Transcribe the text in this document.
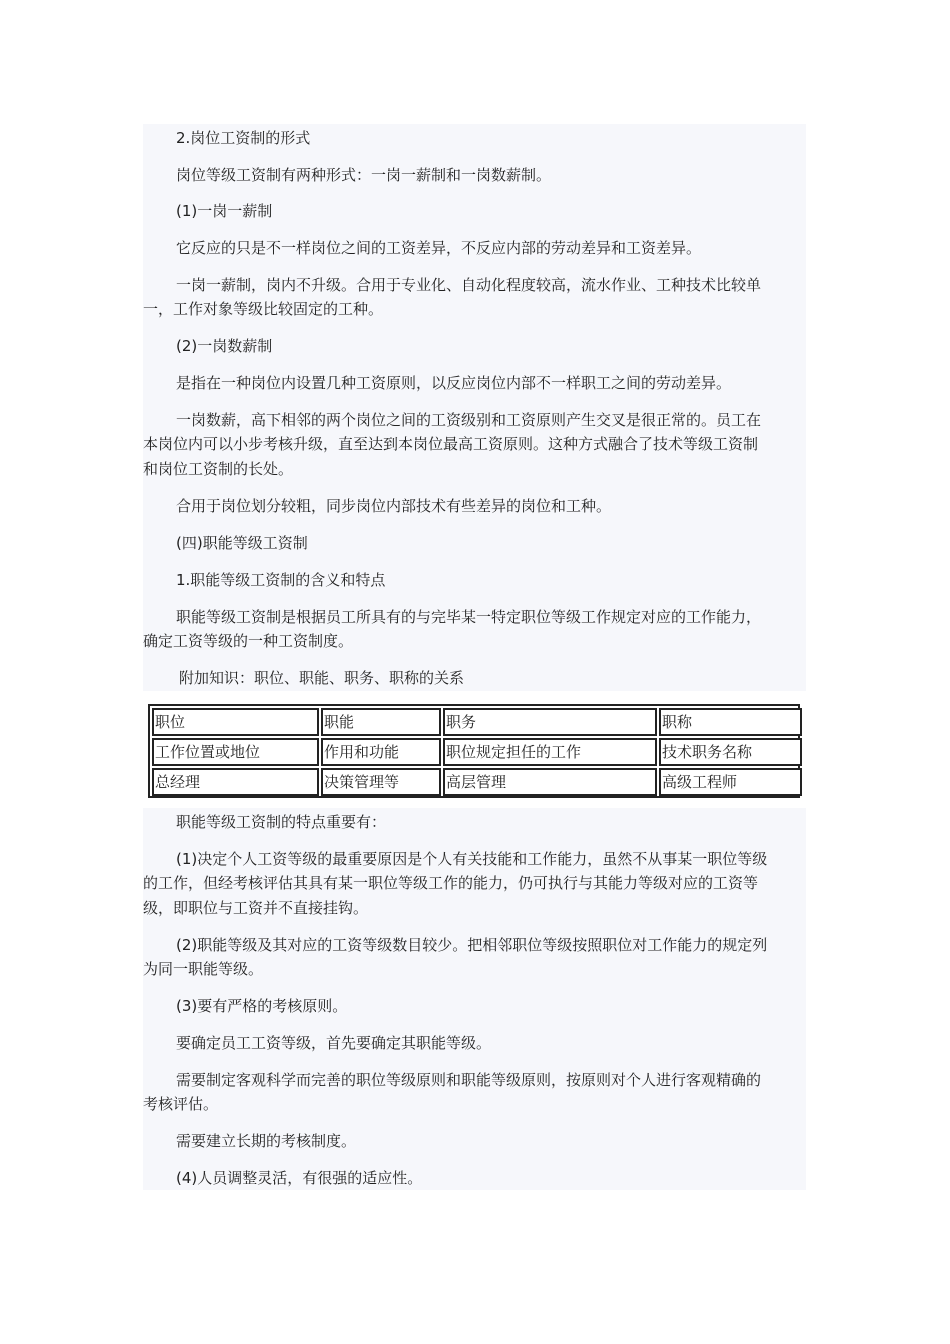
2.岗位工资制的形式

岗位等级工资制有两种形式：一岗一薪制和一岗数薪制。

(1)一岗一薪制

它反应的只是不一样岗位之间的工资差异，不反应内部的劳动差异和工资差异。

一岗一薪制，岗内不升级。合用于专业化、自动化程度较高，流水作业、工种技术比较单

一，工作对象等级比较固定的工种。

(2)一岗数薪制

是指在一种岗位内设置几种工资原则，以反应岗位内部不一样职工之间的劳动差异。

一岗数薪，高下相邻的两个岗位之间的工资级别和工资原则产生交叉是很正常的。员工在

本岗位内可以小步考核升级，直至达到本岗位最高工资原则。这种方式融合了技术等级工资制

和岗位工资制的长处。

合用于岗位划分较粗，同步岗位内部技术有些差异的岗位和工种。

(四)职能等级工资制

1.职能等级工资制的含义和特点

职能等级工资制是根据员工所具有的与完毕某一特定职位等级工作规定对应的工作能力，

确定工资等级的一种工资制度。

附加知识：职位、职能、职务、职称的关系

职位	职能	职务	职称
工作位置或地位	作用和功能	职位规定担任的工作	技术职务名称
总经理	决策管理等	高层管理	高级工程师

职能等级工资制的特点重要有：

(1)决定个人工资等级的最重要原因是个人有关技能和工作能力，虽然不从事某一职位等级

的工作，但经考核评估其具有某一职位等级工作的能力，仍可执行与其能力等级对应的工资等

级，即职位与工资并不直接挂钩。

(2)职能等级及其对应的工资等级数目较少。把相邻职位等级按照职位对工作能力的规定列

为同一职能等级。

(3)要有严格的考核原则。

要确定员工工资等级，首先要确定其职能等级。

需要制定客观科学而完善的职位等级原则和职能等级原则，按原则对个人进行客观精确的

考核评估。

需要建立长期的考核制度。

(4)人员调整灵活，有很强的适应性。
